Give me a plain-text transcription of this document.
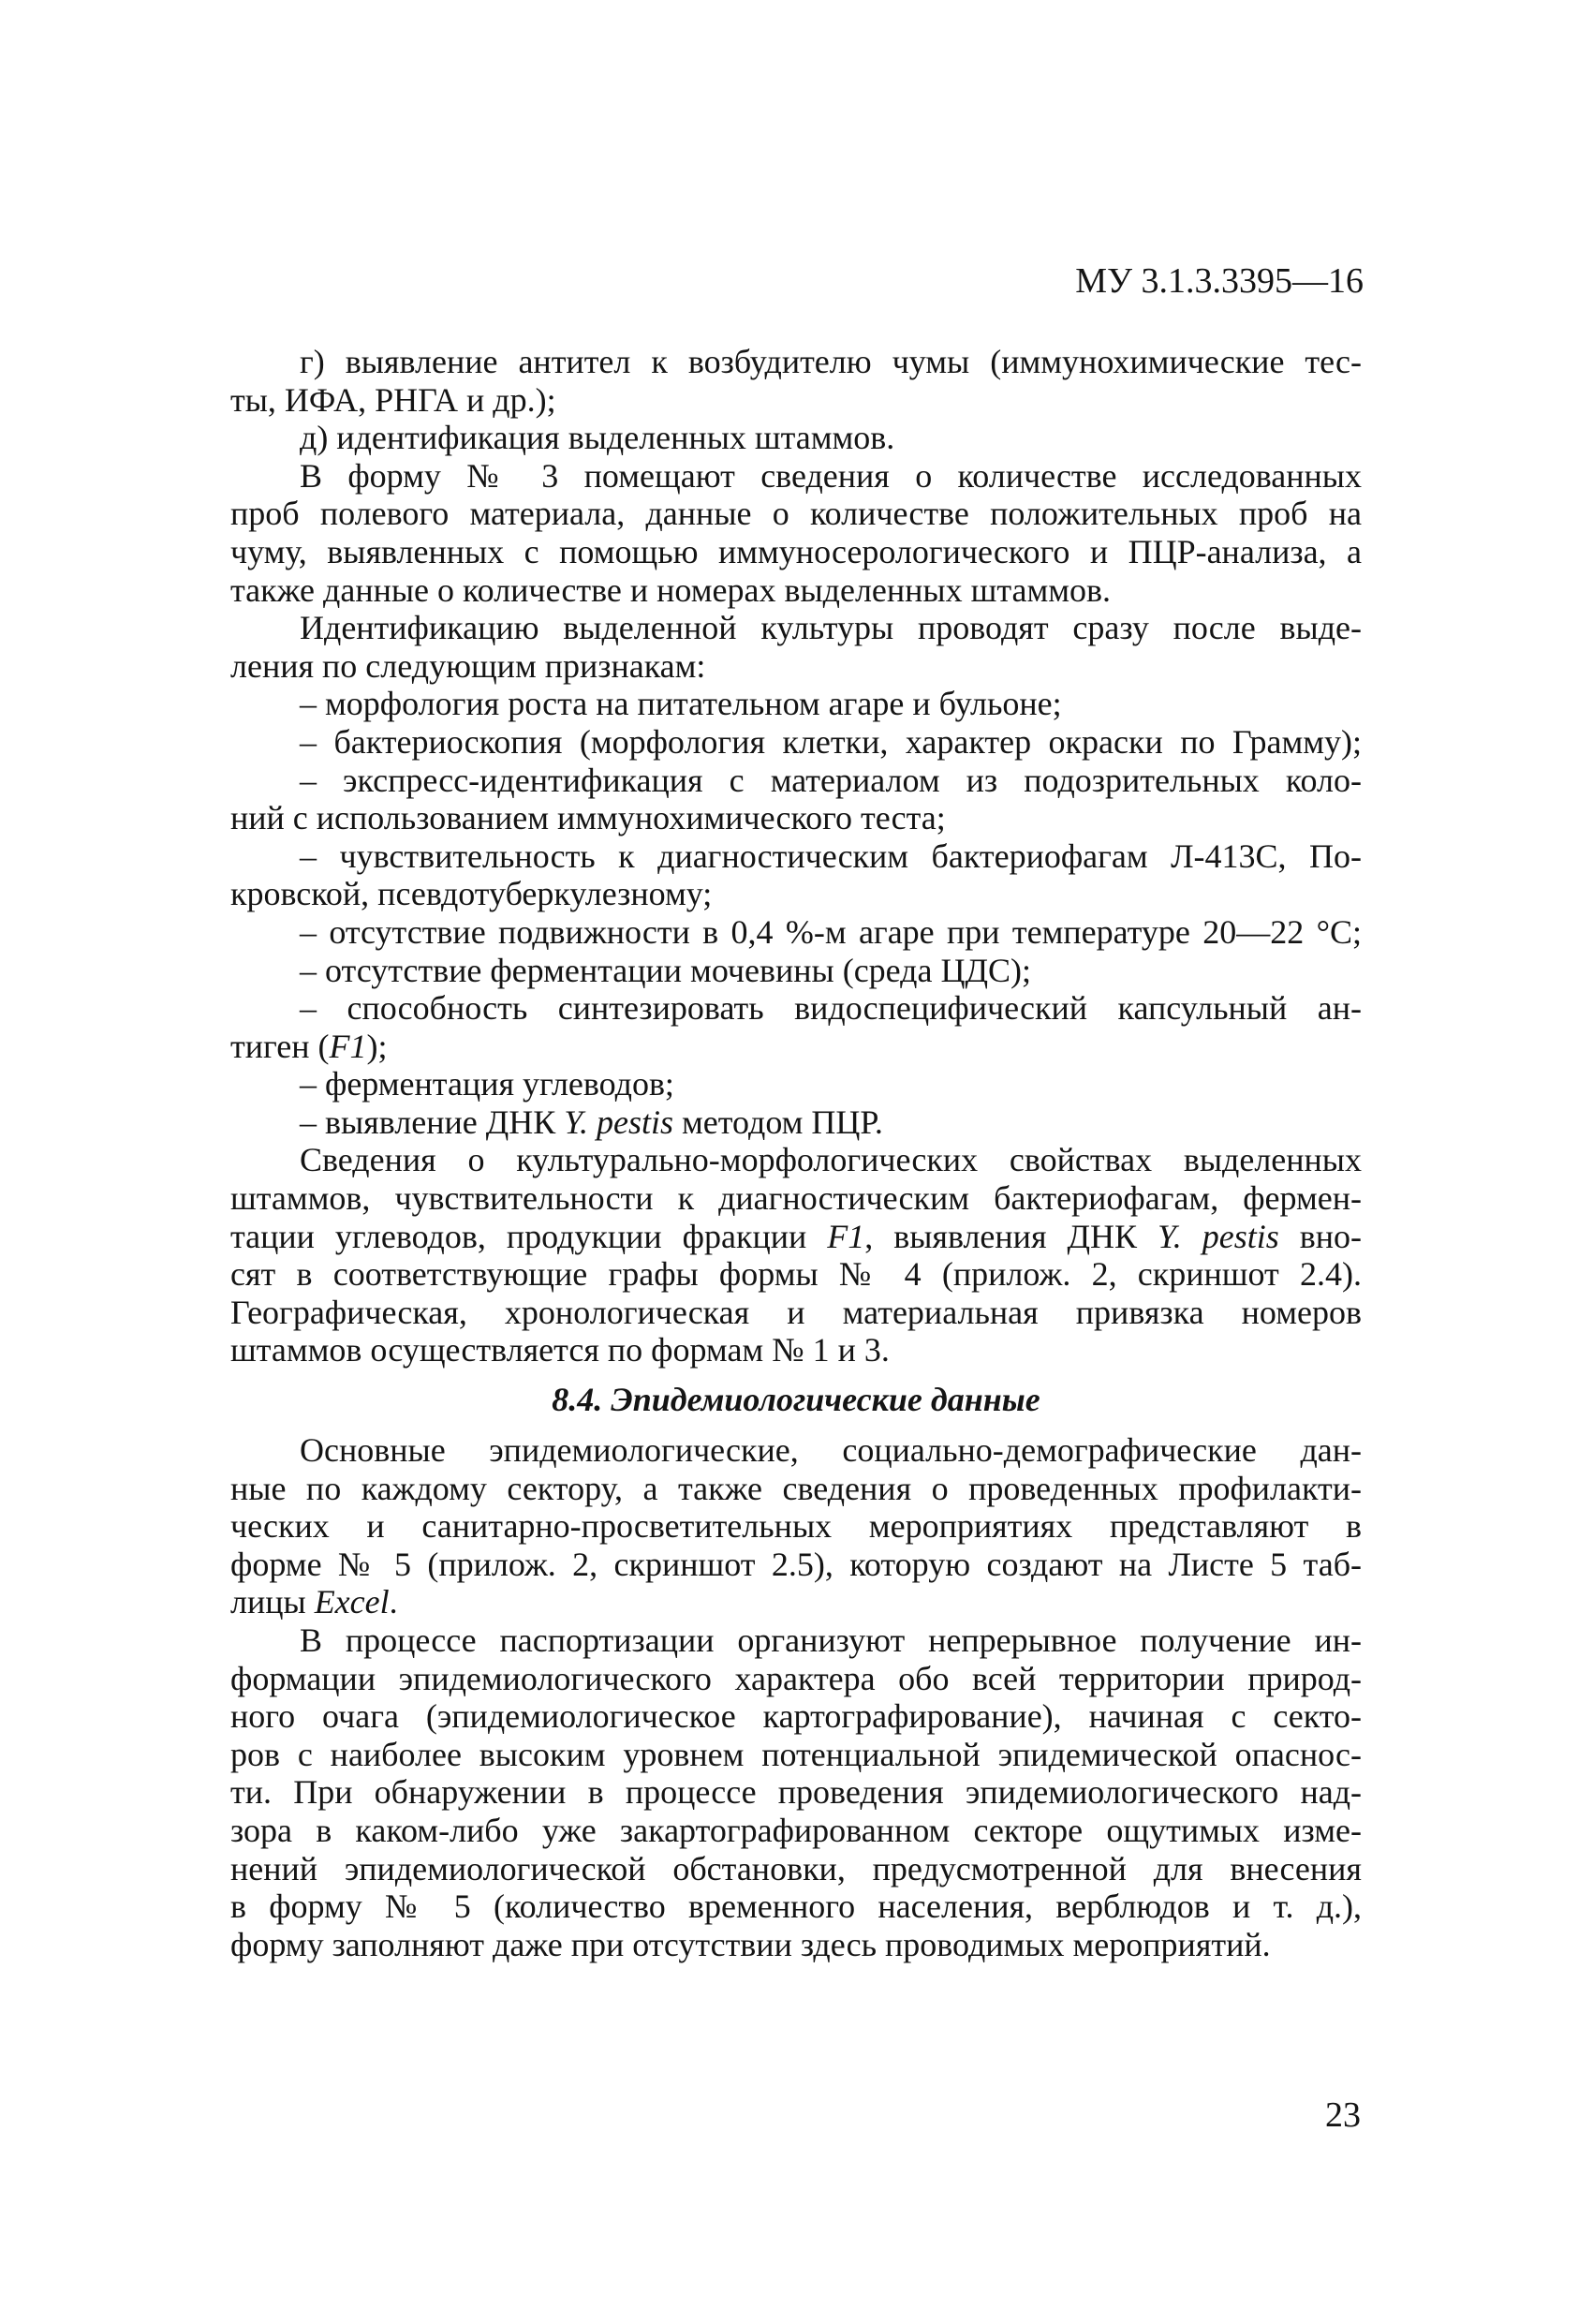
МУ 3.1.3.3395—16
г) выявление антител к возбудителю чумы (иммунохимические тес-
ты, ИФА, РНГА и др.);
д) идентификация выделенных штаммов.
В форму № 3 помещают сведения о количестве исследованных
проб полевого материала, данные о количестве положительных проб на
чуму, выявленных с помощью иммуносерологического и ПЦР-анализа, а
также данные о количестве и номерах выделенных штаммов.
Идентификацию выделенной культуры проводят сразу после выде-
ления по следующим признакам:
– морфология роста на питательном агаре и бульоне;
– бактериоскопия (морфология клетки, характер окраски по Грамму);
– экспресс-идентификация с материалом из подозрительных коло-
ний с использованием иммунохимического теста;
– чувствительность к диагностическим бактериофагам Л-413С, По-
кровской, псевдотуберкулезному;
– отсутствие подвижности в 0,4 %-м агаре при температуре 20—22 °С;
– отсутствие ферментации мочевины (среда ЦДС);
– способность синтезировать видоспецифический капсульный ан-
тиген (F1);
– ферментация углеводов;
– выявление ДНК Y. pestis методом ПЦР.
Сведения о культурально-морфологических свойствах выделенных
штаммов, чувствительности к диагностическим бактериофагам, фермен-
тации углеводов, продукции фракции F1, выявления ДНК Y. pestis вно-
сят в соответствующие графы формы № 4 (прилож. 2, скриншот 2.4).
Географическая, хронологическая и материальная привязка номеров
штаммов осуществляется по формам № 1 и 3.
8.4. Эпидемиологические данные
Основные эпидемиологические, социально-демографические дан-
ные по каждому сектору, а также сведения о проведенных профилакти-
ческих и санитарно-просветительных мероприятиях представляют в
форме № 5 (прилож. 2, скриншот 2.5), которую создают на Листе 5 таб-
лицы Excel.
В процессе паспортизации организуют непрерывное получение ин-
формации эпидемиологического характера обо всей территории природ-
ного очага (эпидемиологическое картографирование), начиная с секто-
ров с наиболее высоким уровнем потенциальной эпидемической опаснос-
ти. При обнаружении в процессе проведения эпидемиологического над-
зора в каком-либо уже закартографированном секторе ощутимых изме-
нений эпидемиологической обстановки, предусмотренной для внесения
в форму № 5 (количество временного населения, верблюдов и т. д.),
форму заполняют даже при отсутствии здесь проводимых мероприятий.
23
